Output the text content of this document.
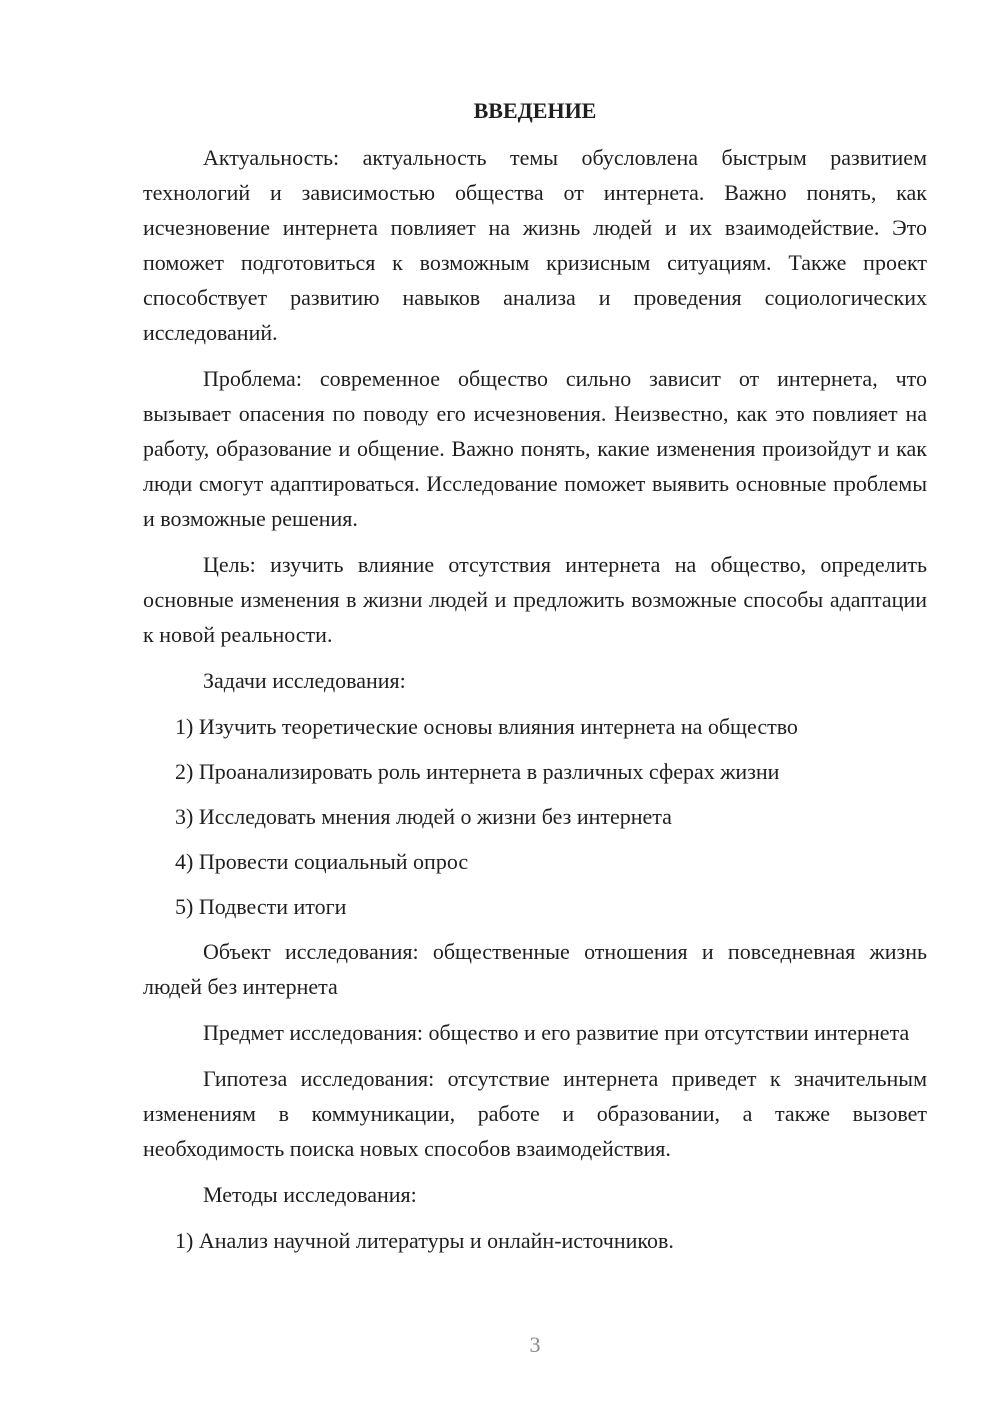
ВВЕДЕНИЕ

Актуальность: актуальность темы обусловлена быстрым развитием технологий и зависимостью общества от интернета. Важно понять, как исчезновение интернета повлияет на жизнь людей и их взаимодействие. Это поможет подготовиться к возможным кризисным ситуациям. Также проект способствует развитию навыков анализа и проведения социологических исследований.

Проблема: современное общество сильно зависит от интернета, что вызывает опасения по поводу его исчезновения. Неизвестно, как это повлияет на работу, образование и общение. Важно понять, какие изменения произойдут и как люди смогут адаптироваться. Исследование поможет выявить основные проблемы и возможные решения.

Цель: изучить влияние отсутствия интернета на общество, определить основные изменения в жизни людей и предложить возможные способы адаптации к новой реальности.

Задачи исследования:

1) Изучить теоретические основы влияния интернета на общество
2) Проанализировать роль интернета в различных сферах жизни
3) Исследовать мнения людей о жизни без интернета
4) Провести социальный опрос
5) Подвести итоги

Объект исследования: общественные отношения и повседневная жизнь людей без интернета

Предмет исследования: общество и его развитие при отсутствии интернета

Гипотеза исследования: отсутствие интернета приведет к значительным изменениям в коммуникации, работе и образовании, а также вызовет необходимость поиска новых способов взаимодействия.

Методы исследования:

1) Анализ научной литературы и онлайн-источников.
3
